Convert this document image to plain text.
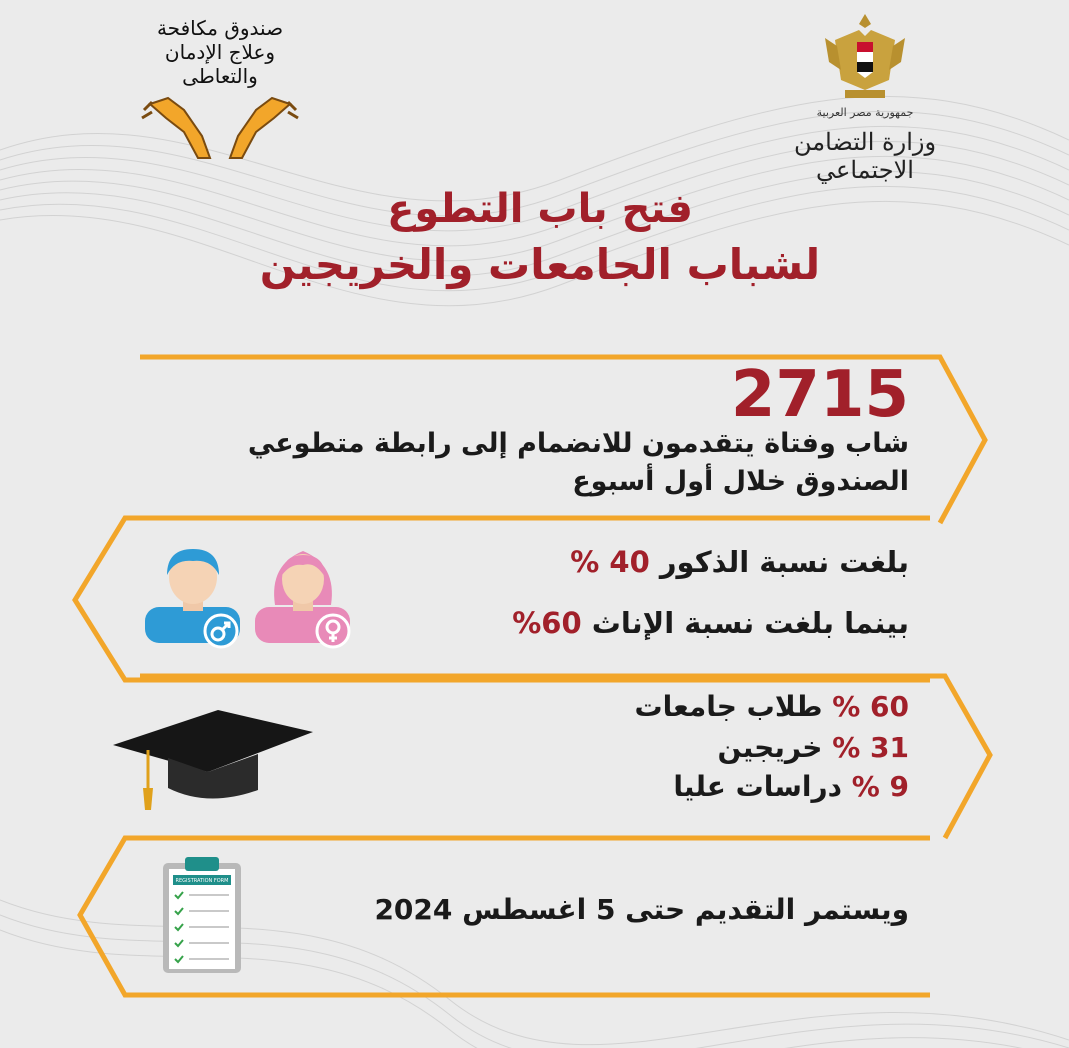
صندوق مكافحة
وعلاج الإدمان
والتعاطى
جمهورية مصر العربية
وزارة التضامن الاجتماعي
فتح باب التطوع
لشباب الجامعات والخريجين
2715
شاب وفتاة يتقدمون للانضمام إلى رابطة متطوعي
الصندوق خلال أول أسبوع
بلغت نسبة الذكور 40 %
بينما بلغت نسبة الإناث 60%
60 % طلاب جامعات
31 % خريجين
9 % دراسات عليا
ويستمر التقديم حتى 5 اغسطس 2024
REGISTRATION FORM
